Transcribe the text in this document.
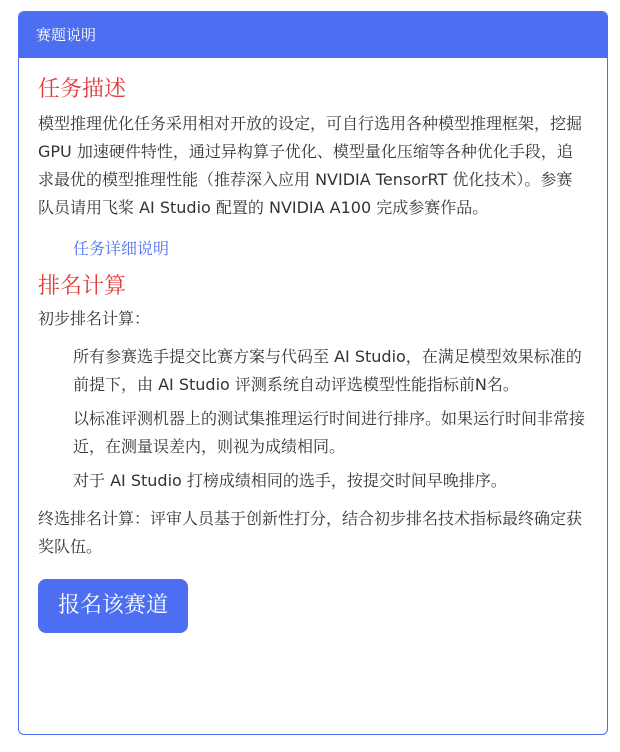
赛题说明
任务描述

模型推理优化任务采用相对开放的设定，可自行选用各种模型推理框架，挖掘 GPU 加速硬件特性，通过异构算子优化、模型量化压缩等各种优化手段，追求最优的模型推理性能（推荐深入应用 NVIDIA TensorRT 优化技术）。参赛队员请用飞桨 AI Studio 配置的 NVIDIA A100 完成参赛作品。

任务详细说明
排名计算

初步排名计算：

所有参赛选手提交比赛方案与代码至 AI Studio，在满足模型效果标准的前提下，由 AI Studio 评测系统自动评选模型性能指标前N名。

以标准评测机器上的测试集推理运行时间进行排序。如果运行时间非常接近，在测量误差内，则视为成绩相同。

对于 AI Studio 打榜成绩相同的选手，按提交时间早晚排序。

终选排名计算：评审人员基于创新性打分，结合初步排名技术指标最终确定获奖队伍。

报名该赛道
